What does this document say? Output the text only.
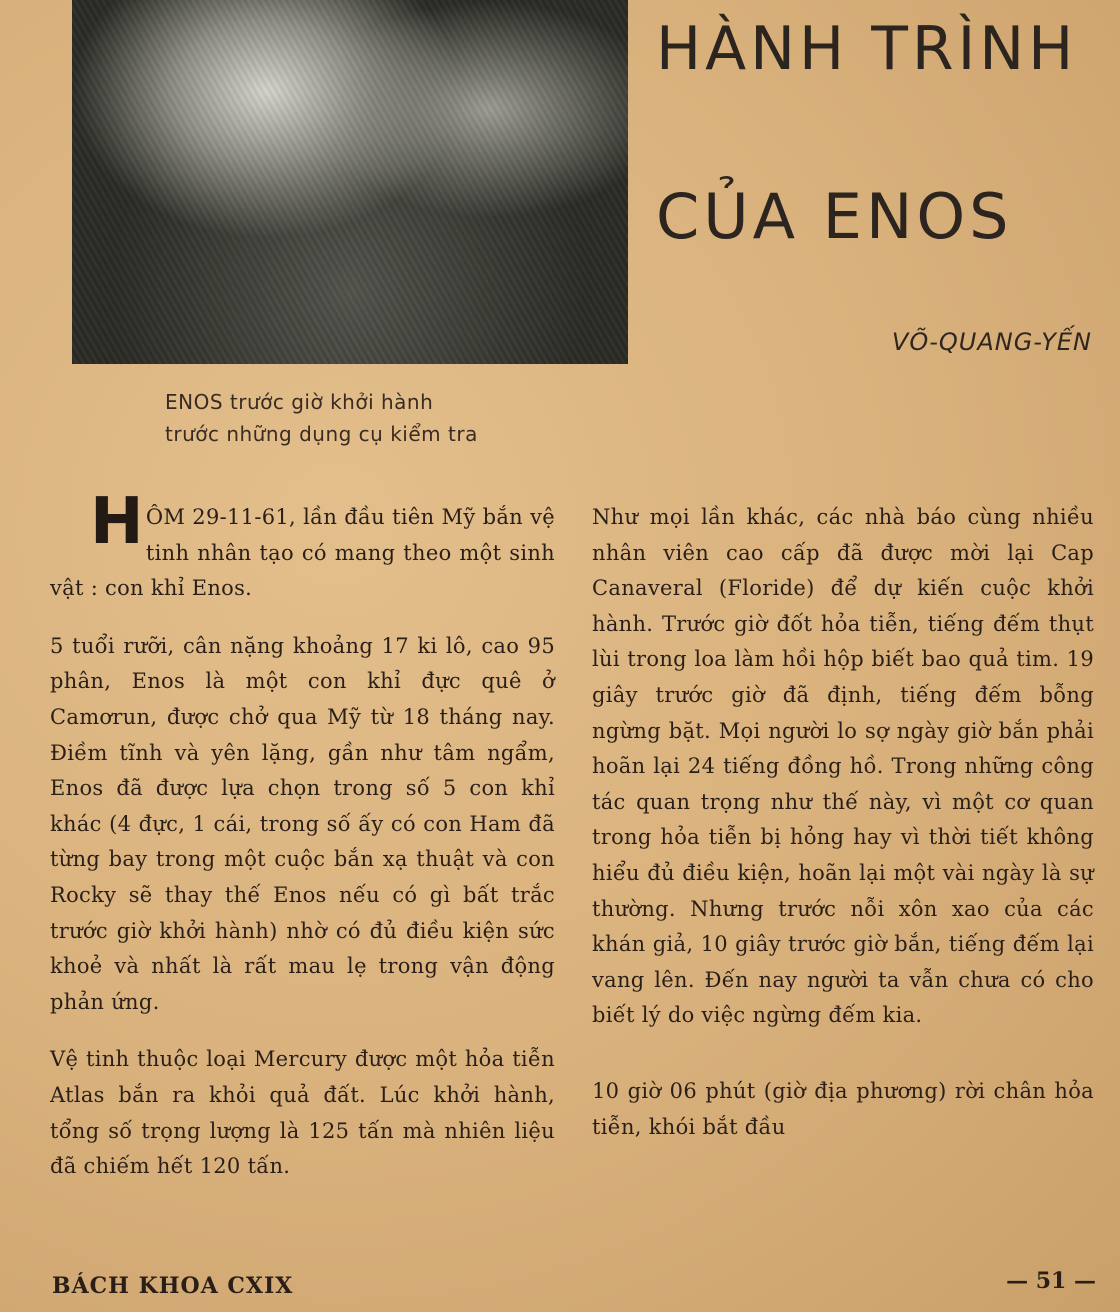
ENOS trước giờ khởi hành
trước những dụng cụ kiểm tra
HÀNH TRÌNH
CỦA ENOS
VÕ-QUANG-YẾN

HÔM 29-11-61, lần đầu tiên Mỹ bắn vệ tinh nhân tạo có mang theo một sinh vật : con khỉ Enos.

5 tuổi rưỡi, cân nặng khoảng 17 ki lô, cao 95 phân, Enos là một con khỉ đực quê ở Camơrun, được chở qua Mỹ từ 18 tháng nay. Điềm tĩnh và yên lặng, gần như tâm ngẩm, Enos đã được lựa chọn trong số 5 con khỉ khác (4 đực, 1 cái, trong số ấy có con Ham đã từng bay trong một cuộc bắn xạ thuật và con Rocky sẽ thay thế Enos nếu có gì bất trắc trước giờ khởi hành) nhờ có đủ điều kiện sức khoẻ và nhất là rất mau lẹ trong vận động phản ứng.

Vệ tinh thuộc loại Mercury được một hỏa tiễn Atlas bắn ra khỏi quả đất. Lúc khởi hành, tổng số trọng lượng là 125 tấn mà nhiên liệu đã chiếm hết 120 tấn.

Như mọi lần khác, các nhà báo cùng nhiều nhân viên cao cấp đã được mời lại Cap Canaveral (Floride) để dự kiến cuộc khởi hành. Trước giờ đốt hỏa tiễn, tiếng đếm thụt lùi trong loa làm hồi hộp biết bao quả tim. 19 giây trước giờ đã định, tiếng đếm bỗng ngừng bặt. Mọi người lo sợ ngày giờ bắn phải hoãn lại 24 tiếng đồng hồ. Trong những công tác quan trọng như thế này, vì một cơ quan trong hỏa tiễn bị hỏng hay vì thời tiết không hiểu đủ điều kiện, hoãn lại một vài ngày là sự thường. Nhưng trước nỗi xôn xao của các khán giả, 10 giây trước giờ bắn, tiếng đếm lại vang lên. Đến nay người ta vẫn chưa có cho biết lý do việc ngừng đếm kia.

10 giờ 06 phút (giờ địa phương) rời chân hỏa tiễn, khói bắt đầu

BÁCH KHOA CXIX	— 51 —
